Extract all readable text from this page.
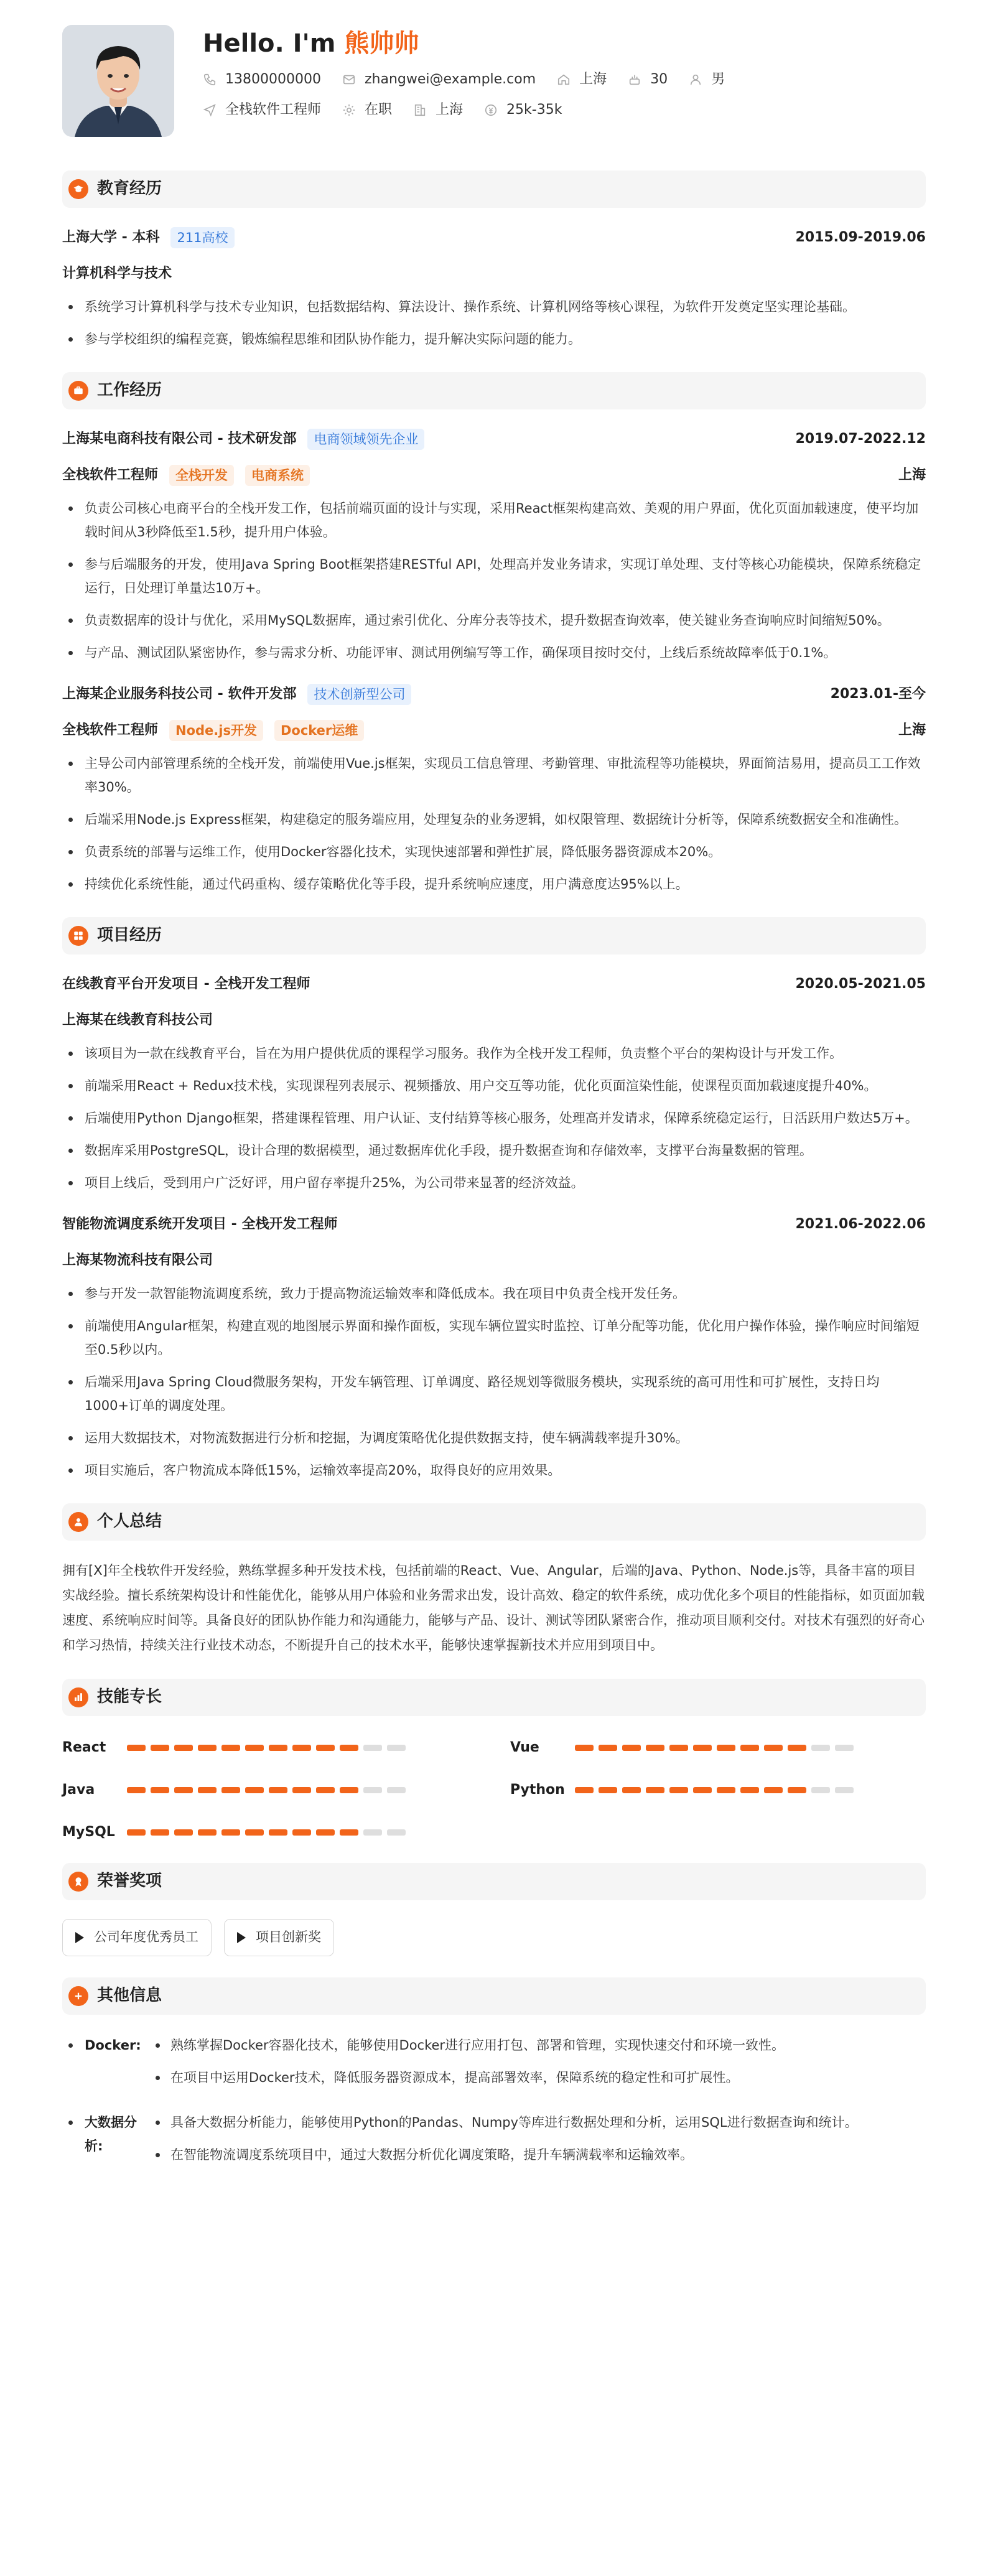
Hello. I'm 熊帅帅
13800000000	zhangwei@example.com	上海	30	男
全栈软件工程师	在职	上海	25k-35k
教育经历
上海大学 - 本科	211高校	2015.09-2019.06
计算机科学与技术
系统学习计算机科学与技术专业知识，包括数据结构、算法设计、操作系统、计算机网络等核心课程，为软件开发奠定坚实理论基础。
参与学校组织的编程竞赛，锻炼编程思维和团队协作能力，提升解决实际问题的能力。
工作经历
上海某电商科技有限公司 - 技术研发部	电商领域领先企业	2019.07-2022.12
全栈软件工程师	全栈开发	电商系统	上海
负责公司核心电商平台的全栈开发工作，包括前端页面的设计与实现，采用React框架构建高效、美观的用户界面，优化页面加载速度，使平均加载时间从3秒降低至1.5秒，提升用户体验。
参与后端服务的开发，使用Java Spring Boot框架搭建RESTful API，处理高并发业务请求，实现订单处理、支付等核心功能模块，保障系统稳定运行，日处理订单量达10万+。
负责数据库的设计与优化，采用MySQL数据库，通过索引优化、分库分表等技术，提升数据查询效率，使关键业务查询响应时间缩短50%。
与产品、测试团队紧密协作，参与需求分析、功能评审、测试用例编写等工作，确保项目按时交付，上线后系统故障率低于0.1%。
上海某企业服务科技公司 - 软件开发部	技术创新型公司	2023.01-至今
全栈软件工程师	Node.js开发	Docker运维	上海
主导公司内部管理系统的全栈开发，前端使用Vue.js框架，实现员工信息管理、考勤管理、审批流程等功能模块，界面简洁易用，提高员工工作效率30%。
后端采用Node.js Express框架，构建稳定的服务端应用，处理复杂的业务逻辑，如权限管理、数据统计分析等，保障系统数据安全和准确性。
负责系统的部署与运维工作，使用Docker容器化技术，实现快速部署和弹性扩展，降低服务器资源成本20%。
持续优化系统性能，通过代码重构、缓存策略优化等手段，提升系统响应速度，用户满意度达95%以上。
项目经历
在线教育平台开发项目 - 全栈开发工程师	2020.05-2021.05
上海某在线教育科技公司
该项目为一款在线教育平台，旨在为用户提供优质的课程学习服务。我作为全栈开发工程师，负责整个平台的架构设计与开发工作。
前端采用React + Redux技术栈，实现课程列表展示、视频播放、用户交互等功能，优化页面渲染性能，使课程页面加载速度提升40%。
后端使用Python Django框架，搭建课程管理、用户认证、支付结算等核心服务，处理高并发请求，保障系统稳定运行，日活跃用户数达5万+。
数据库采用PostgreSQL，设计合理的数据模型，通过数据库优化手段，提升数据查询和存储效率，支撑平台海量数据的管理。
项目上线后，受到用户广泛好评，用户留存率提升25%，为公司带来显著的经济效益。
智能物流调度系统开发项目 - 全栈开发工程师	2021.06-2022.06
上海某物流科技有限公司
参与开发一款智能物流调度系统，致力于提高物流运输效率和降低成本。我在项目中负责全栈开发任务。
前端使用Angular框架，构建直观的地图展示界面和操作面板，实现车辆位置实时监控、订单分配等功能，优化用户操作体验，操作响应时间缩短至0.5秒以内。
后端采用Java Spring Cloud微服务架构，开发车辆管理、订单调度、路径规划等微服务模块，实现系统的高可用性和可扩展性，支持日均1000+订单的调度处理。
运用大数据技术，对物流数据进行分析和挖掘，为调度策略优化提供数据支持，使车辆满载率提升30%。
项目实施后，客户物流成本降低15%，运输效率提高20%，取得良好的应用效果。
个人总结

拥有[X]年全栈软件开发经验，熟练掌握多种开发技术栈，包括前端的React、Vue、Angular，后端的Java、Python、Node.js等，具备丰富的项目实战经验。擅长系统架构设计和性能优化，能够从用户体验和业务需求出发，设计高效、稳定的软件系统，成功优化多个项目的性能指标，如页面加载速度、系统响应时间等。具备良好的团队协作能力和沟通能力，能够与产品、设计、测试等团队紧密合作，推动项目顺利交付。对技术有强烈的好奇心和学习热情，持续关注行业技术动态，不断提升自己的技术水平，能够快速掌握新技术并应用到项目中。

技能专长
React	Vue
Java	Python
MySQL
荣誉奖项
公司年度优秀员工	项目创新奖
其他信息
Docker:	熟练掌握Docker容器化技术，能够使用Docker进行应用打包、部署和管理，实现快速交付和环境一致性。
在项目中运用Docker技术，降低服务器资源成本，提高部署效率，保障系统的稳定性和可扩展性。
大数据分析:
具备大数据分析能力，能够使用Python的Pandas、Numpy等库进行数据处理和分析，运用SQL进行数据查询和统计。
在智能物流调度系统项目中，通过大数据分析优化调度策略，提升车辆满载率和运输效率。
